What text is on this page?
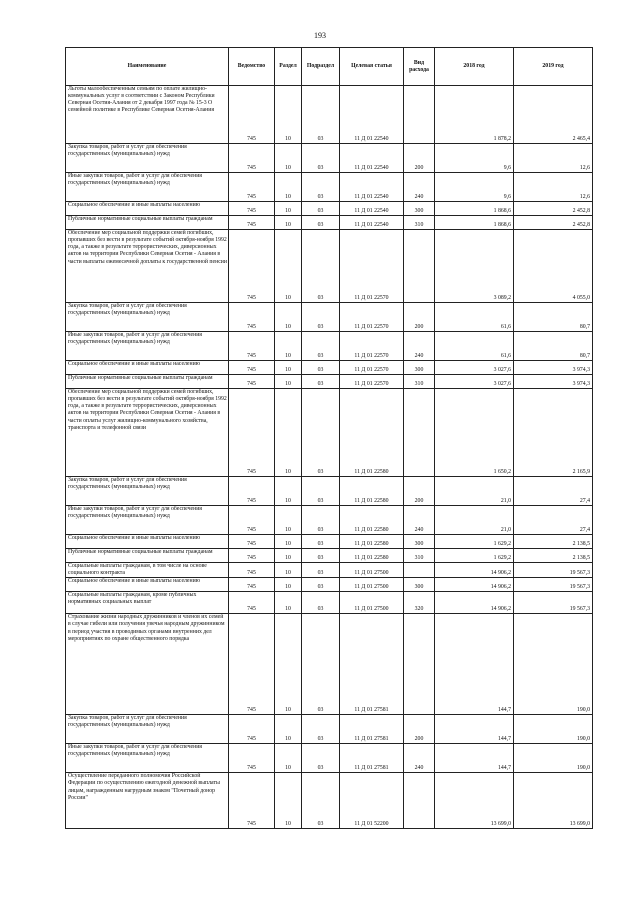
193
Наименование	Ведомство	Раздел	Подраздел	Целевая статья	Вид расхода	2018 год	2019 год
Льготы малообеспеченным семьям по оплате жилищно-коммунальных услуг в соответствии с Законом Республики Северная Осетия-Алания от 2 декабря 1997 года № 15-3 О семейной политике в Республике Северная Осетия-Алания	745	10	03	11 Д 01 22540		1 878,2	2 465,4
Закупка товаров, работ и услуг для обеспечения государственных (муниципальных) нужд	745	10	03	11 Д 01 22540	200	9,6	12,6
Иные закупки товаров, работ и услуг для обеспечения государственных (муниципальных) нужд	745	10	03	11 Д 01 22540	240	9,6	12,6
Социальное обеспечение и иные выплаты населению	745	10	03	11 Д 01 22540	300	1 868,6	2 452,8
Публичные нормативные социальные выплаты гражданам	745	10	03	11 Д 01 22540	310	1 868,6	2 452,8
Обеспечение мер социальной поддержки семей погибших, пропавших без вести в результате событий октября-ноября 1992 года, а также в результате террористических, диверсионных актов на территории Республики Северная Осетия - Алания в части выплаты ежемесячной доплаты к государственной пенсии	745	10	03	11 Д 01 22570		3 089,2	4 055,0
Закупка товаров, работ и услуг для обеспечения государственных (муниципальных) нужд	745	10	03	11 Д 01 22570	200	61,6	80,7
Иные закупки товаров, работ и услуг для обеспечения государственных (муниципальных) нужд	745	10	03	11 Д 01 22570	240	61,6	80,7
Социальное обеспечение и иные выплаты населению	745	10	03	11 Д 01 22570	300	3 027,6	3 974,3
Публичные нормативные социальные выплаты гражданам	745	10	03	11 Д 01 22570	310	3 027,6	3 974,3
Обеспечение мер социальной поддержки семей погибших, пропавших без вести в результате событий октября-ноября 1992 года, а также в результате террористических, диверсионных актов на территории Республики Северная Осетия - Алания в части оплаты услуг жилищно-коммунального хозяйства, транспорта и телефонной связи	745	10	03	11 Д 01 22580		1 650,2	2 165,9
Закупка товаров, работ и услуг для обеспечения государственных (муниципальных) нужд	745	10	03	11 Д 01 22580	200	21,0	27,4
Иные закупки товаров, работ и услуг для обеспечения государственных (муниципальных) нужд	745	10	03	11 Д 01 22580	240	21,0	27,4
Социальное обеспечение и иные выплаты населению	745	10	03	11 Д 01 22580	300	1 629,2	2 138,5
Публичные нормативные социальные выплаты гражданам	745	10	03	11 Д 01 22580	310	1 629,2	2 138,5
Социальные выплаты гражданам, в том числе на основе социального контракта	745	10	03	11 Д 01 27500		14 906,2	19 567,3
Социальное обеспечение и иные выплаты населению	745	10	03	11 Д 01 27500	300	14 906,2	19 567,3
Социальные выплаты гражданам, кроме публичных нормативных социальных выплат	745	10	03	11 Д 01 27500	320	14 906,2	19 567,3
Страхование жизни народных дружинников и членов их семей в случае гибели или получения увечья народным дружинником в период участия в проводимых органами внутренних дел мероприятиях по охране общественного порядка	745	10	03	11 Д 01 27581		144,7	190,0
Закупка товаров, работ и услуг для обеспечения государственных (муниципальных) нужд	745	10	03	11 Д 01 27581	200	144,7	190,0
Иные закупки товаров, работ и услуг для обеспечения государственных (муниципальных) нужд	745	10	03	11 Д 01 27581	240	144,7	190,0
Осуществление переданного полномочия Российской Федерации по осуществлению ежегодной денежной выплаты лицам, награжденным нагрудным знаком "Почетный донор России"	745	10	03	11 Д 01 52200		13 699,0	13 699,0
